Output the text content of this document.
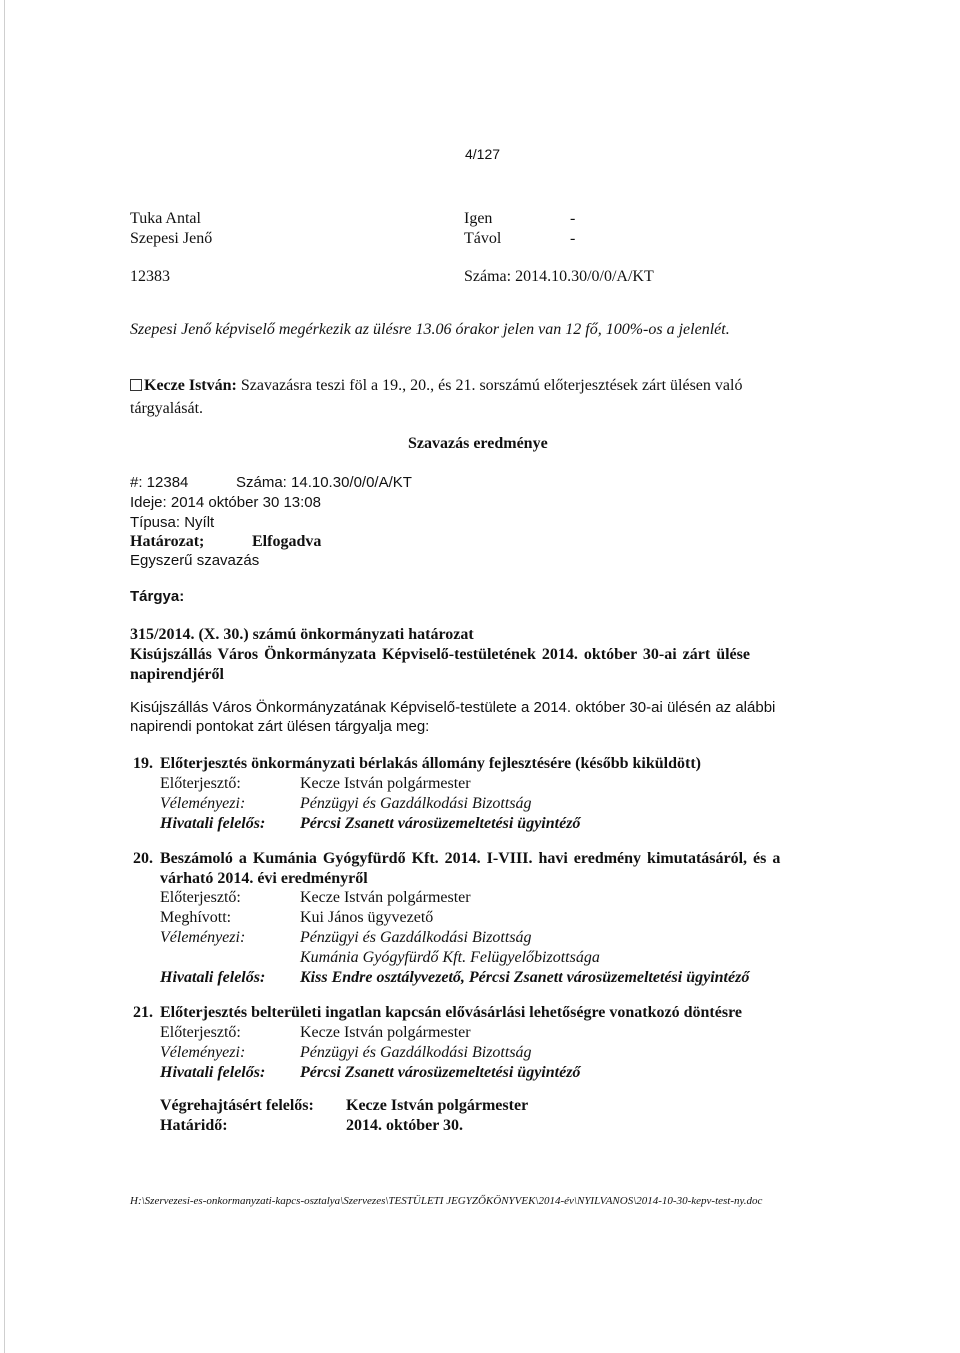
4/127
Tuka Antal	Igen	-
Szepesi Jenő	Távol	-
12383	Száma: 2014.10.30/0/0/A/KT
Szepesi Jenő képviselő megérkezik az ülésre 13.06 órakor jelen van 12 fő, 100%-os a jelenlét.
Kecze István: Szavazásra teszi föl a 19., 20., és 21. sorszámú előterjesztések zárt ülésen való
tárgyalását.
Szavazás eredménye
#: 12384	Száma: 14.10.30/0/0/A/KT
Ideje: 2014 október 30 13:08
Típusa: Nyílt
Határozat;	Elfogadva
Egyszerű szavazás
Tárgya:
315/2014. (X. 30.) számú önkormányzati határozat
Kisújszállás Város Önkormányzata Képviselő-testületének 2014. október 30-ai zárt ülése
napirendjéről
Kisújszállás Város Önkormányzatának Képviselő-testülete a 2014. október 30-ai ülésén az alábbi
napirendi pontokat zárt ülésen tárgyalja meg:
19. Előterjesztés önkormányzati bérlakás állomány fejlesztésére (később kiküldött)
Előterjesztő:	Kecze István polgármester
Véleményezi:	Pénzügyi és Gazdálkodási Bizottság
Hivatali felelős: Pércsi Zsanett városüzemeltetési ügyintéző
20. Beszámoló a Kumánia Gyógyfürdő Kft. 2014. I-VIII. havi eredmény kimutatásáról, és a
várható 2014. évi eredményről
Előterjesztő:	Kecze István polgármester
Meghívott:	Kui János ügyvezető
Véleményezi:	Pénzügyi és Gazdálkodási Bizottság
Kumánia Gyógyfürdő Kft. Felügyelőbizottsága
Hivatali felelős: Kiss Endre osztályvezető, Pércsi Zsanett városüzemeltetési ügyintéző
21. Előterjesztés belterületi ingatlan kapcsán elővásárlási lehetőségre vonatkozó döntésre
Előterjesztő:	Kecze István polgármester
Véleményezi:	Pénzügyi és Gazdálkodási Bizottság
Hivatali felelős: Pércsi Zsanett városüzemeltetési ügyintéző
Végrehajtásért felelős: Kecze István polgármester
Határidő:	2014. október 30.
H:\Szervezesi-es-onkormanyzati-kapcs-osztalya\Szervezes\TESTÜLETI JEGYZŐKÖNYVEK\2014-év\NYILVANOS\2014-10-30-kepv-test-ny.doc
